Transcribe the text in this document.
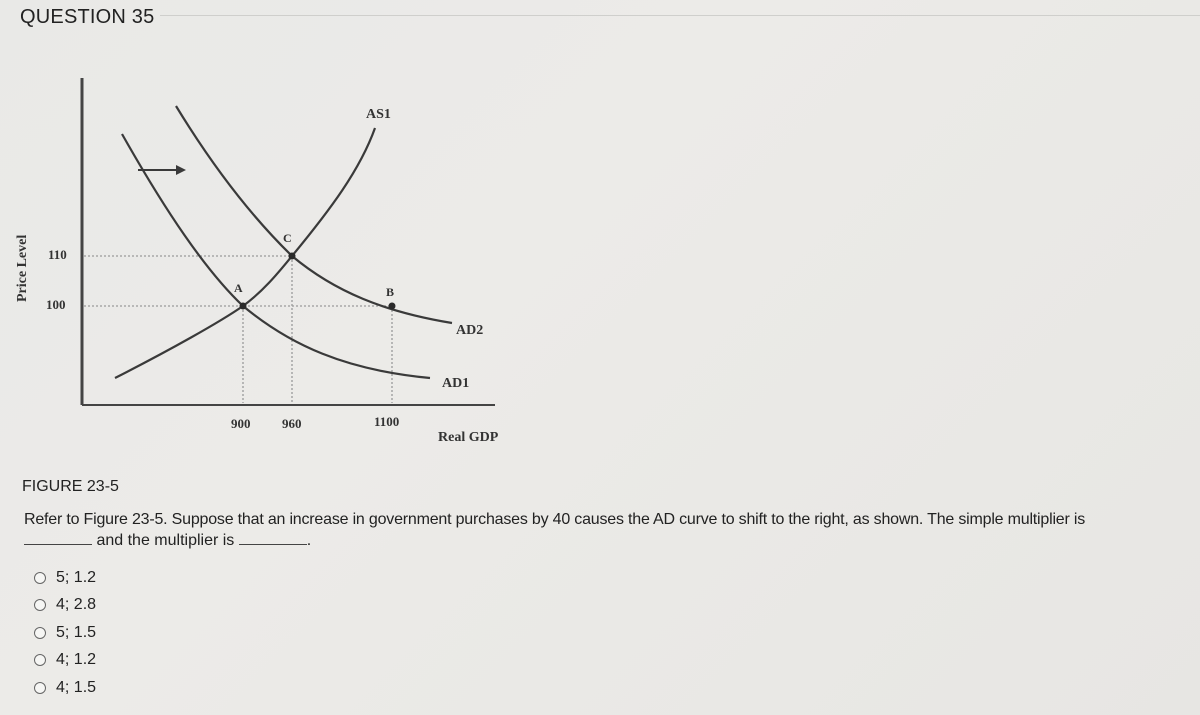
QUESTION 35
Price Level 110
100
900 960	1100
Real GDP
AS1
AD2
AD1
A	B
C
FIGURE 23-5
Refer to Figure 23-5. Suppose that an increase in government purchases by 40 causes the AD curve to shift to the right, as shown. The simple multiplier is
and the multiplier is	.
5; 1.2
4; 2.8
5; 1.5
4; 1.2
4; 1.5
